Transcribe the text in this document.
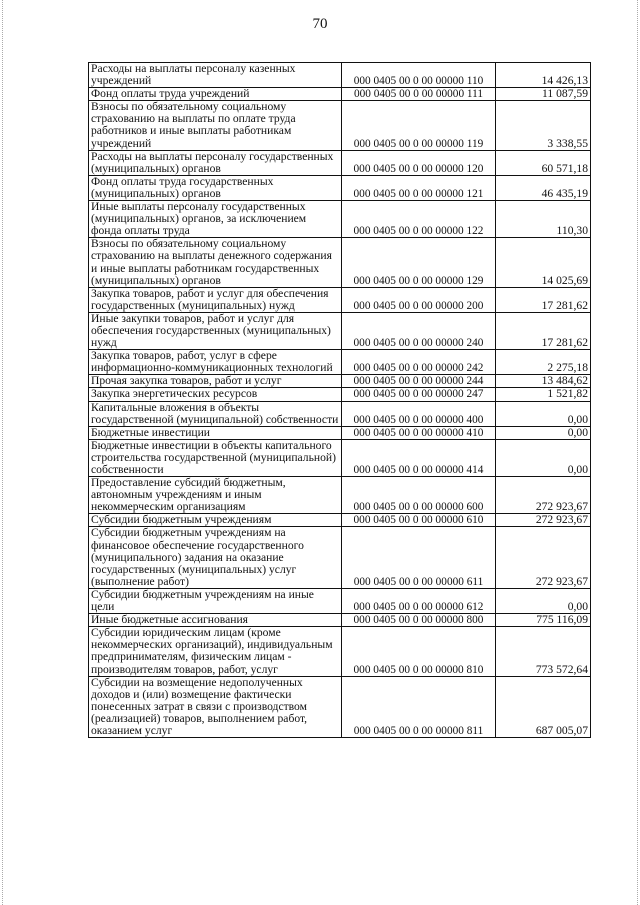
70
Расходы на выплаты персоналу казенных учреждений	000 0405 00 0 00 00000 110	14 426,13
Фонд оплаты труда учреждений	000 0405 00 0 00 00000 111	11 087,59
Взносы по обязательному социальному страхованию на выплаты по оплате труда работников и иные выплаты работникам учреждений	000 0405 00 0 00 00000 119	3 338,55
Расходы на выплаты персоналу государственных (муниципальных) органов	000 0405 00 0 00 00000 120	60 571,18
Фонд оплаты труда государственных (муниципальных) органов	000 0405 00 0 00 00000 121	46 435,19
Иные выплаты персоналу государственных (муниципальных) органов, за исключением фонда оплаты труда	000 0405 00 0 00 00000 122	110,30
Взносы по обязательному социальному страхованию на выплаты денежного содержания и иные выплаты работникам государственных (муниципальных) органов	000 0405 00 0 00 00000 129	14 025,69
Закупка товаров, работ и услуг для обеспечения государственных (муниципальных) нужд	000 0405 00 0 00 00000 200	17 281,62
Иные закупки товаров, работ и услуг для обеспечения государственных (муниципальных) нужд	000 0405 00 0 00 00000 240	17 281,62
Закупка товаров, работ, услуг в сфере информационно-коммуникационных технологий	000 0405 00 0 00 00000 242	2 275,18
Прочая закупка товаров, работ и услуг	000 0405 00 0 00 00000 244	13 484,62
Закупка энергетических ресурсов	000 0405 00 0 00 00000 247	1 521,82
Капитальные вложения в объекты государственной (муниципальной) собственности	000 0405 00 0 00 00000 400	0,00
Бюджетные инвестиции	000 0405 00 0 00 00000 410	0,00
Бюджетные инвестиции в объекты капитального строительства государственной (муниципальной) собственности	000 0405 00 0 00 00000 414	0,00
Предоставление субсидий бюджетным, автономным учреждениям и иным некоммерческим организациям	000 0405 00 0 00 00000 600	272 923,67
Субсидии бюджетным учреждениям	000 0405 00 0 00 00000 610	272 923,67
Субсидии бюджетным учреждениям на финансовое обеспечение государственного (муниципального) задания на оказание государственных (муниципальных) услуг (выполнение работ)	000 0405 00 0 00 00000 611	272 923,67
Субсидии бюджетным учреждениям на иные цели	000 0405 00 0 00 00000 612	0,00
Иные бюджетные ассигнования	000 0405 00 0 00 00000 800	775 116,09
Субсидии юридическим лицам (кроме некоммерческих организаций), индивидуальным предпринимателям, физическим лицам - производителям товаров, работ, услуг	000 0405 00 0 00 00000 810	773 572,64
Субсидии на возмещение недополученных доходов и (или) возмещение фактически понесенных затрат в связи с производством (реализацией) товаров, выполнением работ, оказанием услуг	000 0405 00 0 00 00000 811	687 005,07
